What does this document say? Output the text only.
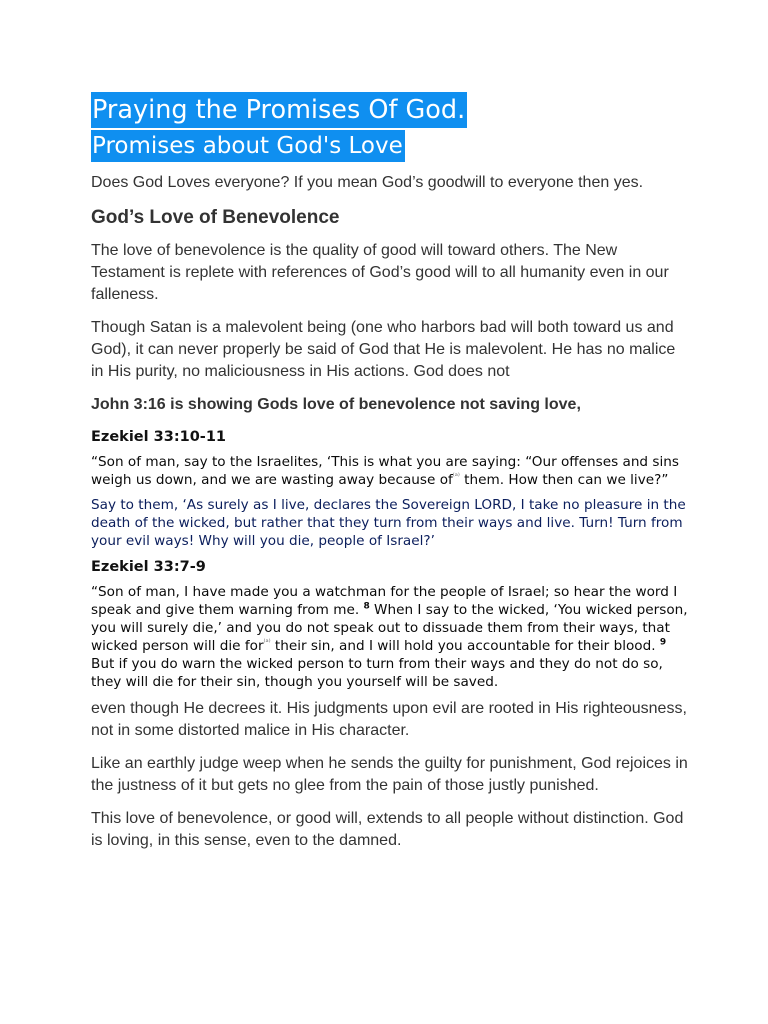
Praying the Promises Of God.
Promises about God's Love

Does God Loves everyone? If you mean God’s goodwill to everyone then yes.

God’s Love of Benevolence

The love of benevolence is the quality of good will toward others. The New Testament is replete with references of God’s good will to all humanity even in our falleness.

Though Satan is a malevolent being (one who harbors bad will both toward us and God), it can never properly be said of God that He is malevolent. He has no malice in His purity, no maliciousness in His actions. God does not

John 3:16 is showing Gods love of benevolence not saving love,

Ezekiel 33:10-11

“Son of man, say to the Israelites, ‘This is what you are saying: “Our offenses and sins weigh us down, and we are wasting away because of$^{^(ᵃ^)}$ them. How then can we live?”

Say to them, ‘As surely as I live, declares the Sovereign LORD, I take no pleasure in the death of the wicked, but rather that they turn from their ways and live. Turn! Turn from your evil ways! Why will you die, people of Israel?’

Ezekiel 33:7-9

“Son of man, I have made you a watchman for the people of Israel; so hear the word I speak and give them warning from me. $^8$ When I say to the wicked, ‘You wicked person, you will surely die,’ and you do not speak out to dissuade them from their ways, that wicked person will die for$^{^(ᵃ^)}$ their sin, and I will hold you accountable for their blood. $^9$ But if you do warn the wicked person to turn from their ways and they do not do so, they will die for their sin, though you yourself will be saved.

even though He decrees it. His judgments upon evil are rooted in His righteousness, not in some distorted malice in His character.

Like an earthly judge weep when he sends the guilty for punishment, God rejoices in the justness of it but gets no glee from the pain of those justly punished.

This love of benevolence, or good will, extends to all people without distinction. God is loving, in this sense, even to the damned.
